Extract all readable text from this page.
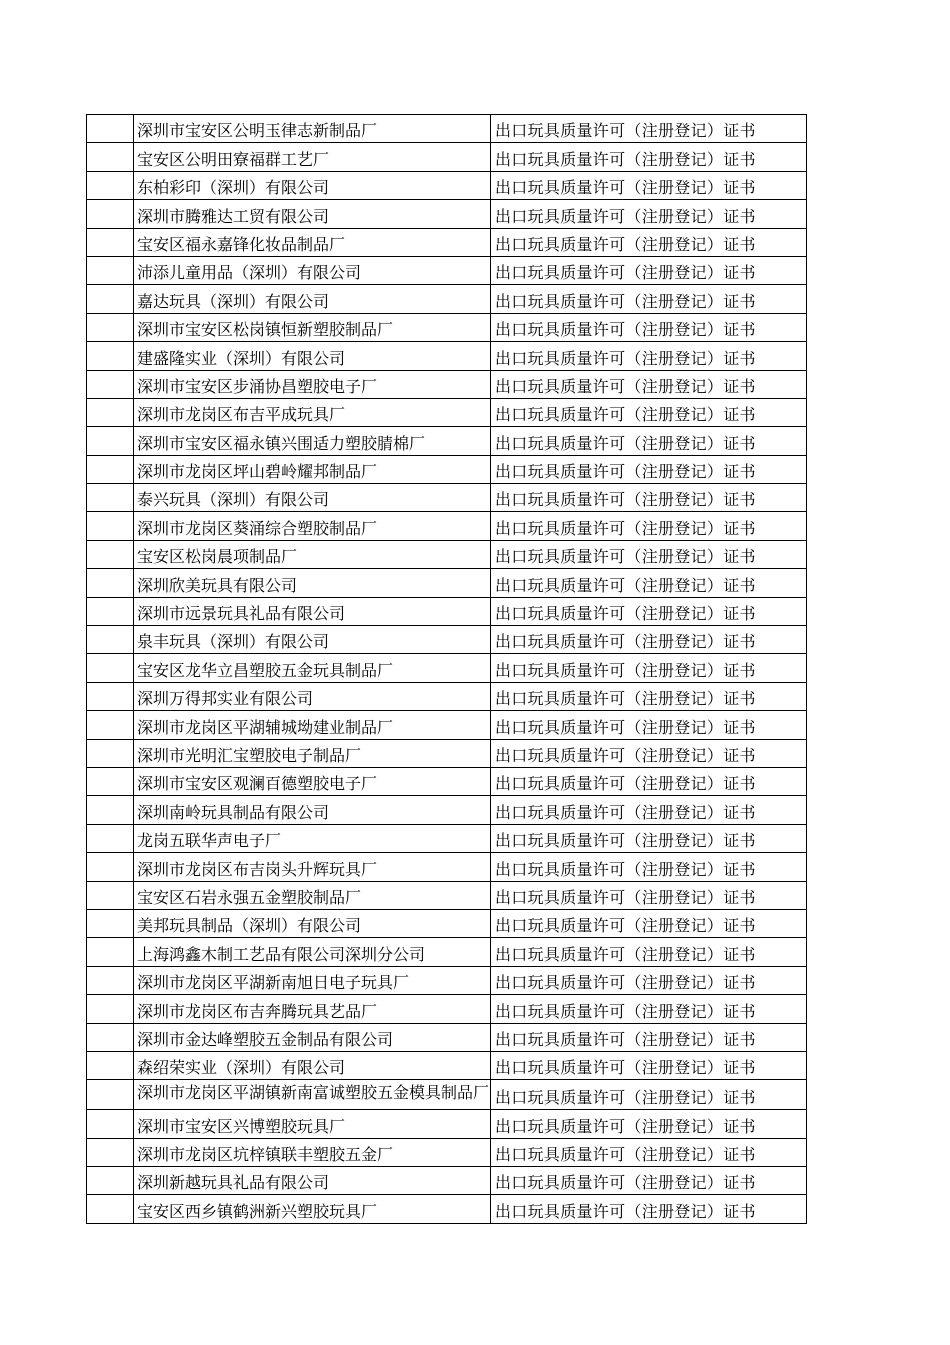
	深圳市宝安区公明玉律志新制品厂	出口玩具质量许可（注册登记）证书

	宝安区公明田寮福群工艺厂	出口玩具质量许可（注册登记）证书

	东柏彩印（深圳）有限公司	出口玩具质量许可（注册登记）证书

	深圳市腾雅达工贸有限公司	出口玩具质量许可（注册登记）证书

	宝安区福永嘉锋化妆品制品厂	出口玩具质量许可（注册登记）证书

	沛添儿童用品（深圳）有限公司	出口玩具质量许可（注册登记）证书

	嘉达玩具（深圳）有限公司	出口玩具质量许可（注册登记）证书

	深圳市宝安区松岗镇恒新塑胶制品厂	出口玩具质量许可（注册登记）证书

	建盛隆实业（深圳）有限公司	出口玩具质量许可（注册登记）证书

	深圳市宝安区步涌协昌塑胶电子厂	出口玩具质量许可（注册登记）证书

	深圳市龙岗区布吉平成玩具厂	出口玩具质量许可（注册登记）证书

	深圳市宝安区福永镇兴围适力塑胶腈棉厂	出口玩具质量许可（注册登记）证书

	深圳市龙岗区坪山碧岭耀邦制品厂	出口玩具质量许可（注册登记）证书

	泰兴玩具（深圳）有限公司	出口玩具质量许可（注册登记）证书

	深圳市龙岗区葵涌综合塑胶制品厂	出口玩具质量许可（注册登记）证书

	宝安区松岗晨项制品厂	出口玩具质量许可（注册登记）证书

	深圳欣美玩具有限公司	出口玩具质量许可（注册登记）证书

	深圳市远景玩具礼品有限公司	出口玩具质量许可（注册登记）证书

	泉丰玩具（深圳）有限公司	出口玩具质量许可（注册登记）证书

	宝安区龙华立昌塑胶五金玩具制品厂	出口玩具质量许可（注册登记）证书

	深圳万得邦实业有限公司	出口玩具质量许可（注册登记）证书

	深圳市龙岗区平湖辅城坳建业制品厂	出口玩具质量许可（注册登记）证书

	深圳市光明汇宝塑胶电子制品厂	出口玩具质量许可（注册登记）证书

	深圳市宝安区观澜百德塑胶电子厂	出口玩具质量许可（注册登记）证书

	深圳南岭玩具制品有限公司	出口玩具质量许可（注册登记）证书

	龙岗五联华声电子厂	出口玩具质量许可（注册登记）证书

	深圳市龙岗区布吉岗头升辉玩具厂	出口玩具质量许可（注册登记）证书

	宝安区石岩永强五金塑胶制品厂	出口玩具质量许可（注册登记）证书

	美邦玩具制品（深圳）有限公司	出口玩具质量许可（注册登记）证书

	上海鸿鑫木制工艺品有限公司深圳分公司	出口玩具质量许可（注册登记）证书

	深圳市龙岗区平湖新南旭日电子玩具厂	出口玩具质量许可（注册登记）证书

	深圳市龙岗区布吉奔腾玩具艺品厂	出口玩具质量许可（注册登记）证书

	深圳市金达峰塑胶五金制品有限公司	出口玩具质量许可（注册登记）证书

	森绍荣实业（深圳）有限公司	出口玩具质量许可（注册登记）证书

	深圳市龙岗区平湖镇新南富诚塑胶五金模具制品厂	出口玩具质量许可（注册登记）证书

	深圳市宝安区兴博塑胶玩具厂	出口玩具质量许可（注册登记）证书

	深圳市龙岗区坑梓镇联丰塑胶五金厂	出口玩具质量许可（注册登记）证书

	深圳新越玩具礼品有限公司	出口玩具质量许可（注册登记）证书

	宝安区西乡镇鹤洲新兴塑胶玩具厂	出口玩具质量许可（注册登记）证书
